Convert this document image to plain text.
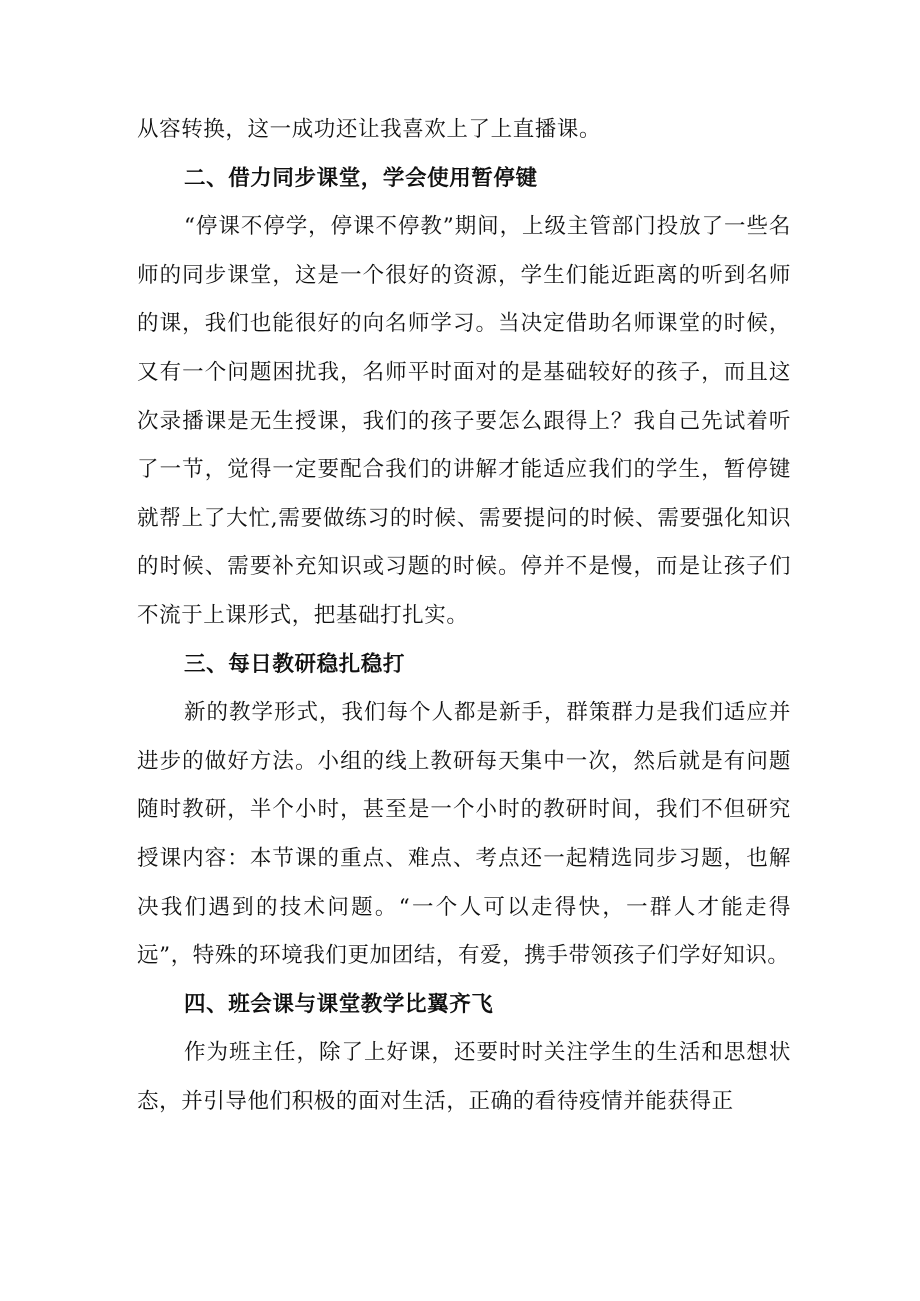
从容转换，这一成功还让我喜欢上了上直播课。

二、借力同步课堂，学会使用暂停键

“停课不停学，停课不停教”期间，上级主管部门投放了一些名师的同步课堂，这是一个很好的资源，学生们能近距离的听到名师的课，我们也能很好的向名师学习。当决定借助名师课堂的时候，又有一个问题困扰我，名师平时面对的是基础较好的孩子，而且这次录播课是无生授课，我们的孩子要怎么跟得上？我自己先试着听了一节，觉得一定要配合我们的讲解才能适应我们的学生，暂停键就帮上了大忙,需要做练习的时候、需要提问的时候、需要强化知识的时候、需要补充知识或习题的时候。停并不是慢，而是让孩子们不流于上课形式，把基础打扎实。

三、每日教研稳扎稳打

新的教学形式，我们每个人都是新手，群策群力是我们适应并进步的做好方法。小组的线上教研每天集中一次，然后就是有问题随时教研，半个小时，甚至是一个小时的教研时间，我们不但研究授课内容：本节课的重点、难点、考点还一起精选同步习题，也解决我们遇到的技术问题。“一个人可以走得快，一群人才能走得远”，特殊的环境我们更加团结，有爱，携手带领孩子们学好知识。

四、班会课与课堂教学比翼齐飞

作为班主任，除了上好课，还要时时关注学生的生活和思想状态，并引导他们积极的面对生活，正确的看待疫情并能获得正
